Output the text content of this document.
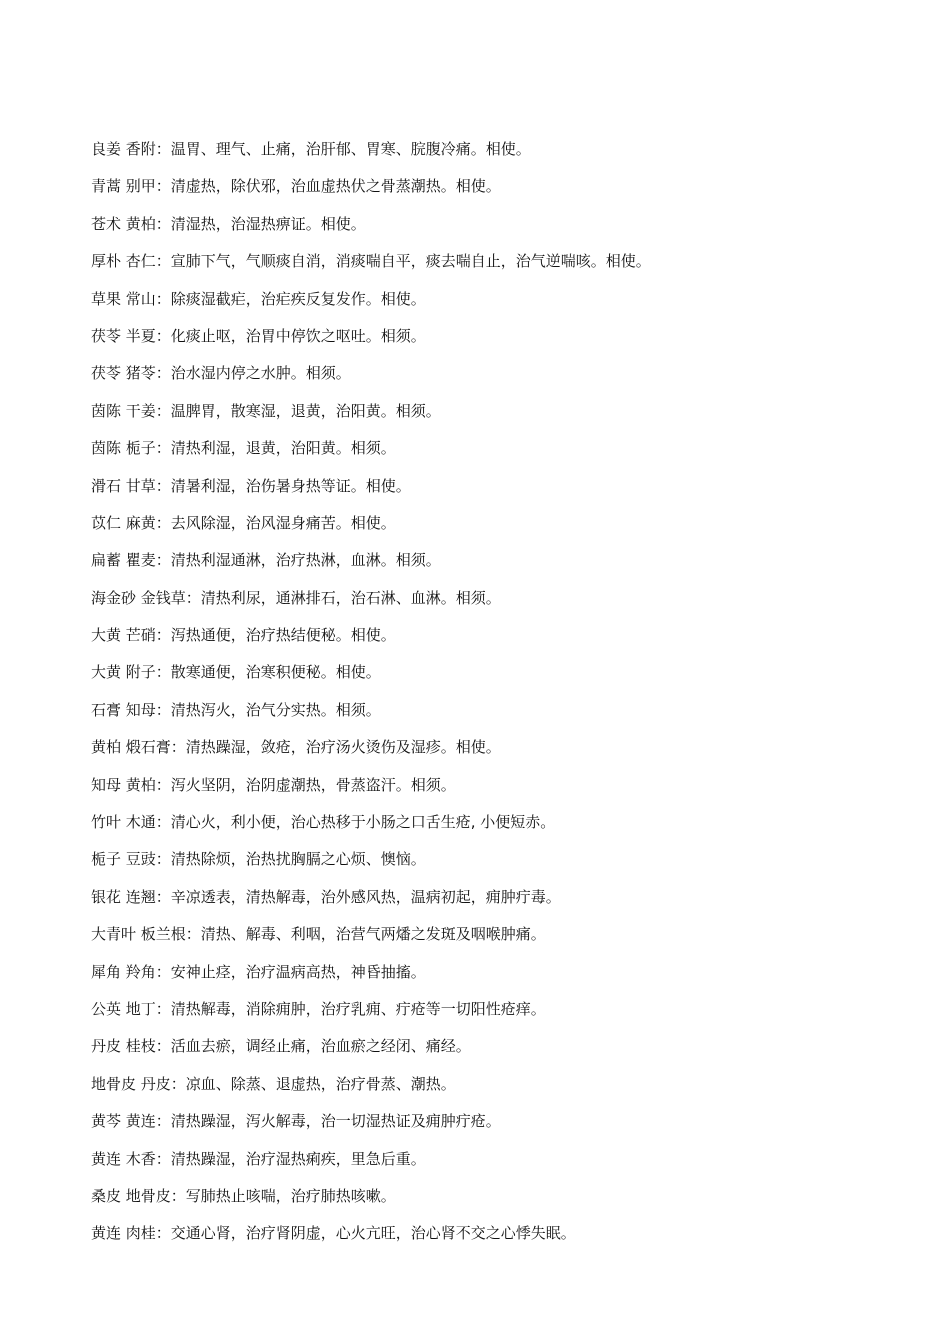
良姜 香附：温胃、理气、止痛，治肝郁、胃寒、脘腹冷痛。相使。
青蒿 别甲：清虚热，除伏邪，治血虚热伏之骨蒸潮热。相使。
苍术 黄柏：清湿热，治湿热痹证。相使。
厚朴 杏仁：宣肺下气，气顺痰自消，消痰喘自平，痰去喘自止，治气逆喘咳。相使。
草果 常山：除痰湿截疟，治疟疾反复发作。相使。
茯苓 半夏：化痰止呕，治胃中停饮之呕吐。相须。
茯苓 猪苓：治水湿内停之水肿。相须。
茵陈 干姜：温脾胃，散寒湿，退黄，治阳黄。相须。
茵陈 栀子：清热利湿，退黄，治阳黄。相须。
滑石 甘草：清暑利湿，治伤暑身热等证。相使。
苡仁 麻黄：去风除湿，治风湿身痛苦。相使。
扁蓄 瞿麦：清热利湿通淋，治疗热淋，血淋。相须。
海金砂 金钱草：清热利尿，通淋排石，治石淋、血淋。相须。
大黄 芒硝：泻热通便，治疗热结便秘。相使。
大黄 附子：散寒通便，治寒积便秘。相使。
石膏 知母：清热泻火，治气分实热。相须。
黄柏 煅石膏：清热躁湿，敛疮，治疗汤火烫伤及湿疹。相使。
知母 黄柏：泻火坚阴，治阴虚潮热，骨蒸盗汗。相须。
竹叶 木通：清心火，利小便，治心热移于小肠之口舌生疮, 小便短赤。
栀子 豆豉：清热除烦，治热扰胸膈之心烦、懊恼。
银花 连翘：辛凉透表，清热解毒，治外感风热，温病初起，痈肿疔毒。
大青叶 板兰根：清热、解毒、利咽，治营气两燔之发斑及咽喉肿痛。
犀角 羚角：安神止痉，治疗温病高热，神昏抽搐。
公英 地丁：清热解毒，消除痈肿，治疗乳痈、疔疮等一切阳性疮痒。
丹皮 桂枝：活血去瘀，调经止痛，治血瘀之经闭、痛经。
地骨皮 丹皮：凉血、除蒸、退虚热，治疗骨蒸、潮热。
黄芩 黄连：清热躁湿，泻火解毒，治一切湿热证及痈肿疔疮。
黄连 木香：清热躁湿，治疗湿热痢疾，里急后重。
桑皮 地骨皮：写肺热止咳喘，治疗肺热咳嗽。
黄连 肉桂：交通心肾，治疗肾阴虚，心火亢旺，治心肾不交之心悸失眠。
